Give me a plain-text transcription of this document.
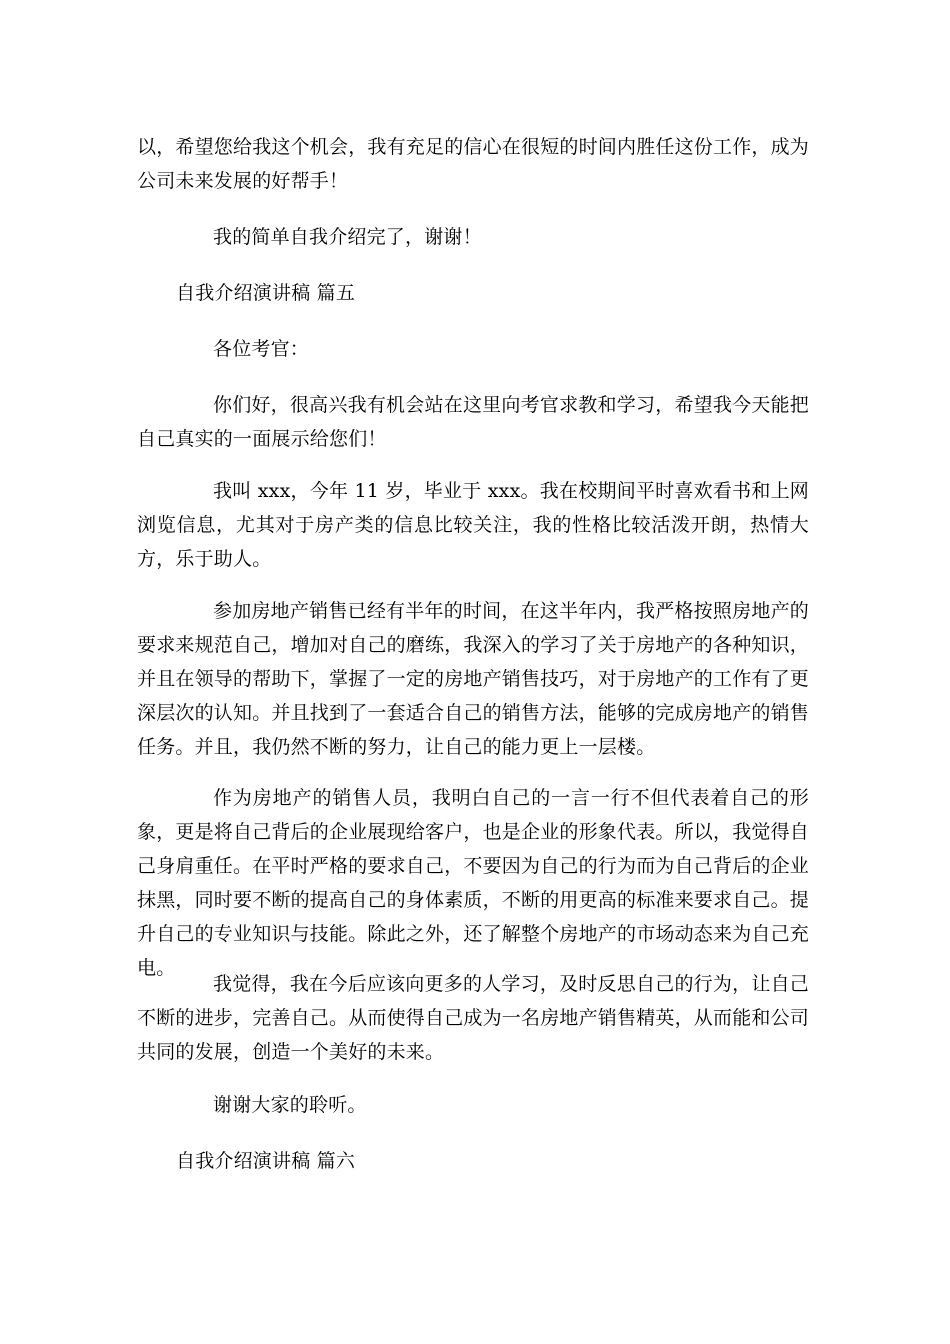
以，希望您给我这个机会，我有充足的信心在很短的时间内胜任这份工作，成为公司未来发展的好帮手！

我的简单自我介绍完了，谢谢！

自我介绍演讲稿 篇五

各位考官：

你们好，很高兴我有机会站在这里向考官求教和学习，希望我今天能把自己真实的一面展示给您们！

我叫 xxx，今年 11 岁，毕业于 xxx。我在校期间平时喜欢看书和上网浏览信息，尤其对于房产类的信息比较关注，我的性格比较活泼开朗，热情大方，乐于助人。

参加房地产销售已经有半年的时间，在这半年内，我严格按照房地产的要求来规范自己，增加对自己的磨练，我深入的学习了关于房地产的各种知识，并且在领导的帮助下，掌握了一定的房地产销售技巧，对于房地产的工作有了更深层次的认知。并且找到了一套适合自己的销售方法，能够的完成房地产的销售任务。并且，我仍然不断的努力，让自己的能力更上一层楼。

作为房地产的销售人员，我明白自己的一言一行不但代表着自己的形象，更是将自己背后的企业展现给客户，也是企业的形象代表。所以，我觉得自己身肩重任。在平时严格的要求自己，不要因为自己的行为而为自己背后的企业抹黑，同时要不断的提高自己的身体素质，不断的用更高的标准来要求自己。提升自己的专业知识与技能。除此之外，还了解整个房地产的市场动态来为自己充电。

我觉得，我在今后应该向更多的人学习，及时反思自己的行为，让自己不断的进步，完善自己。从而使得自己成为一名房地产销售精英，从而能和公司共同的发展，创造一个美好的未来。

谢谢大家的聆听。

自我介绍演讲稿 篇六
